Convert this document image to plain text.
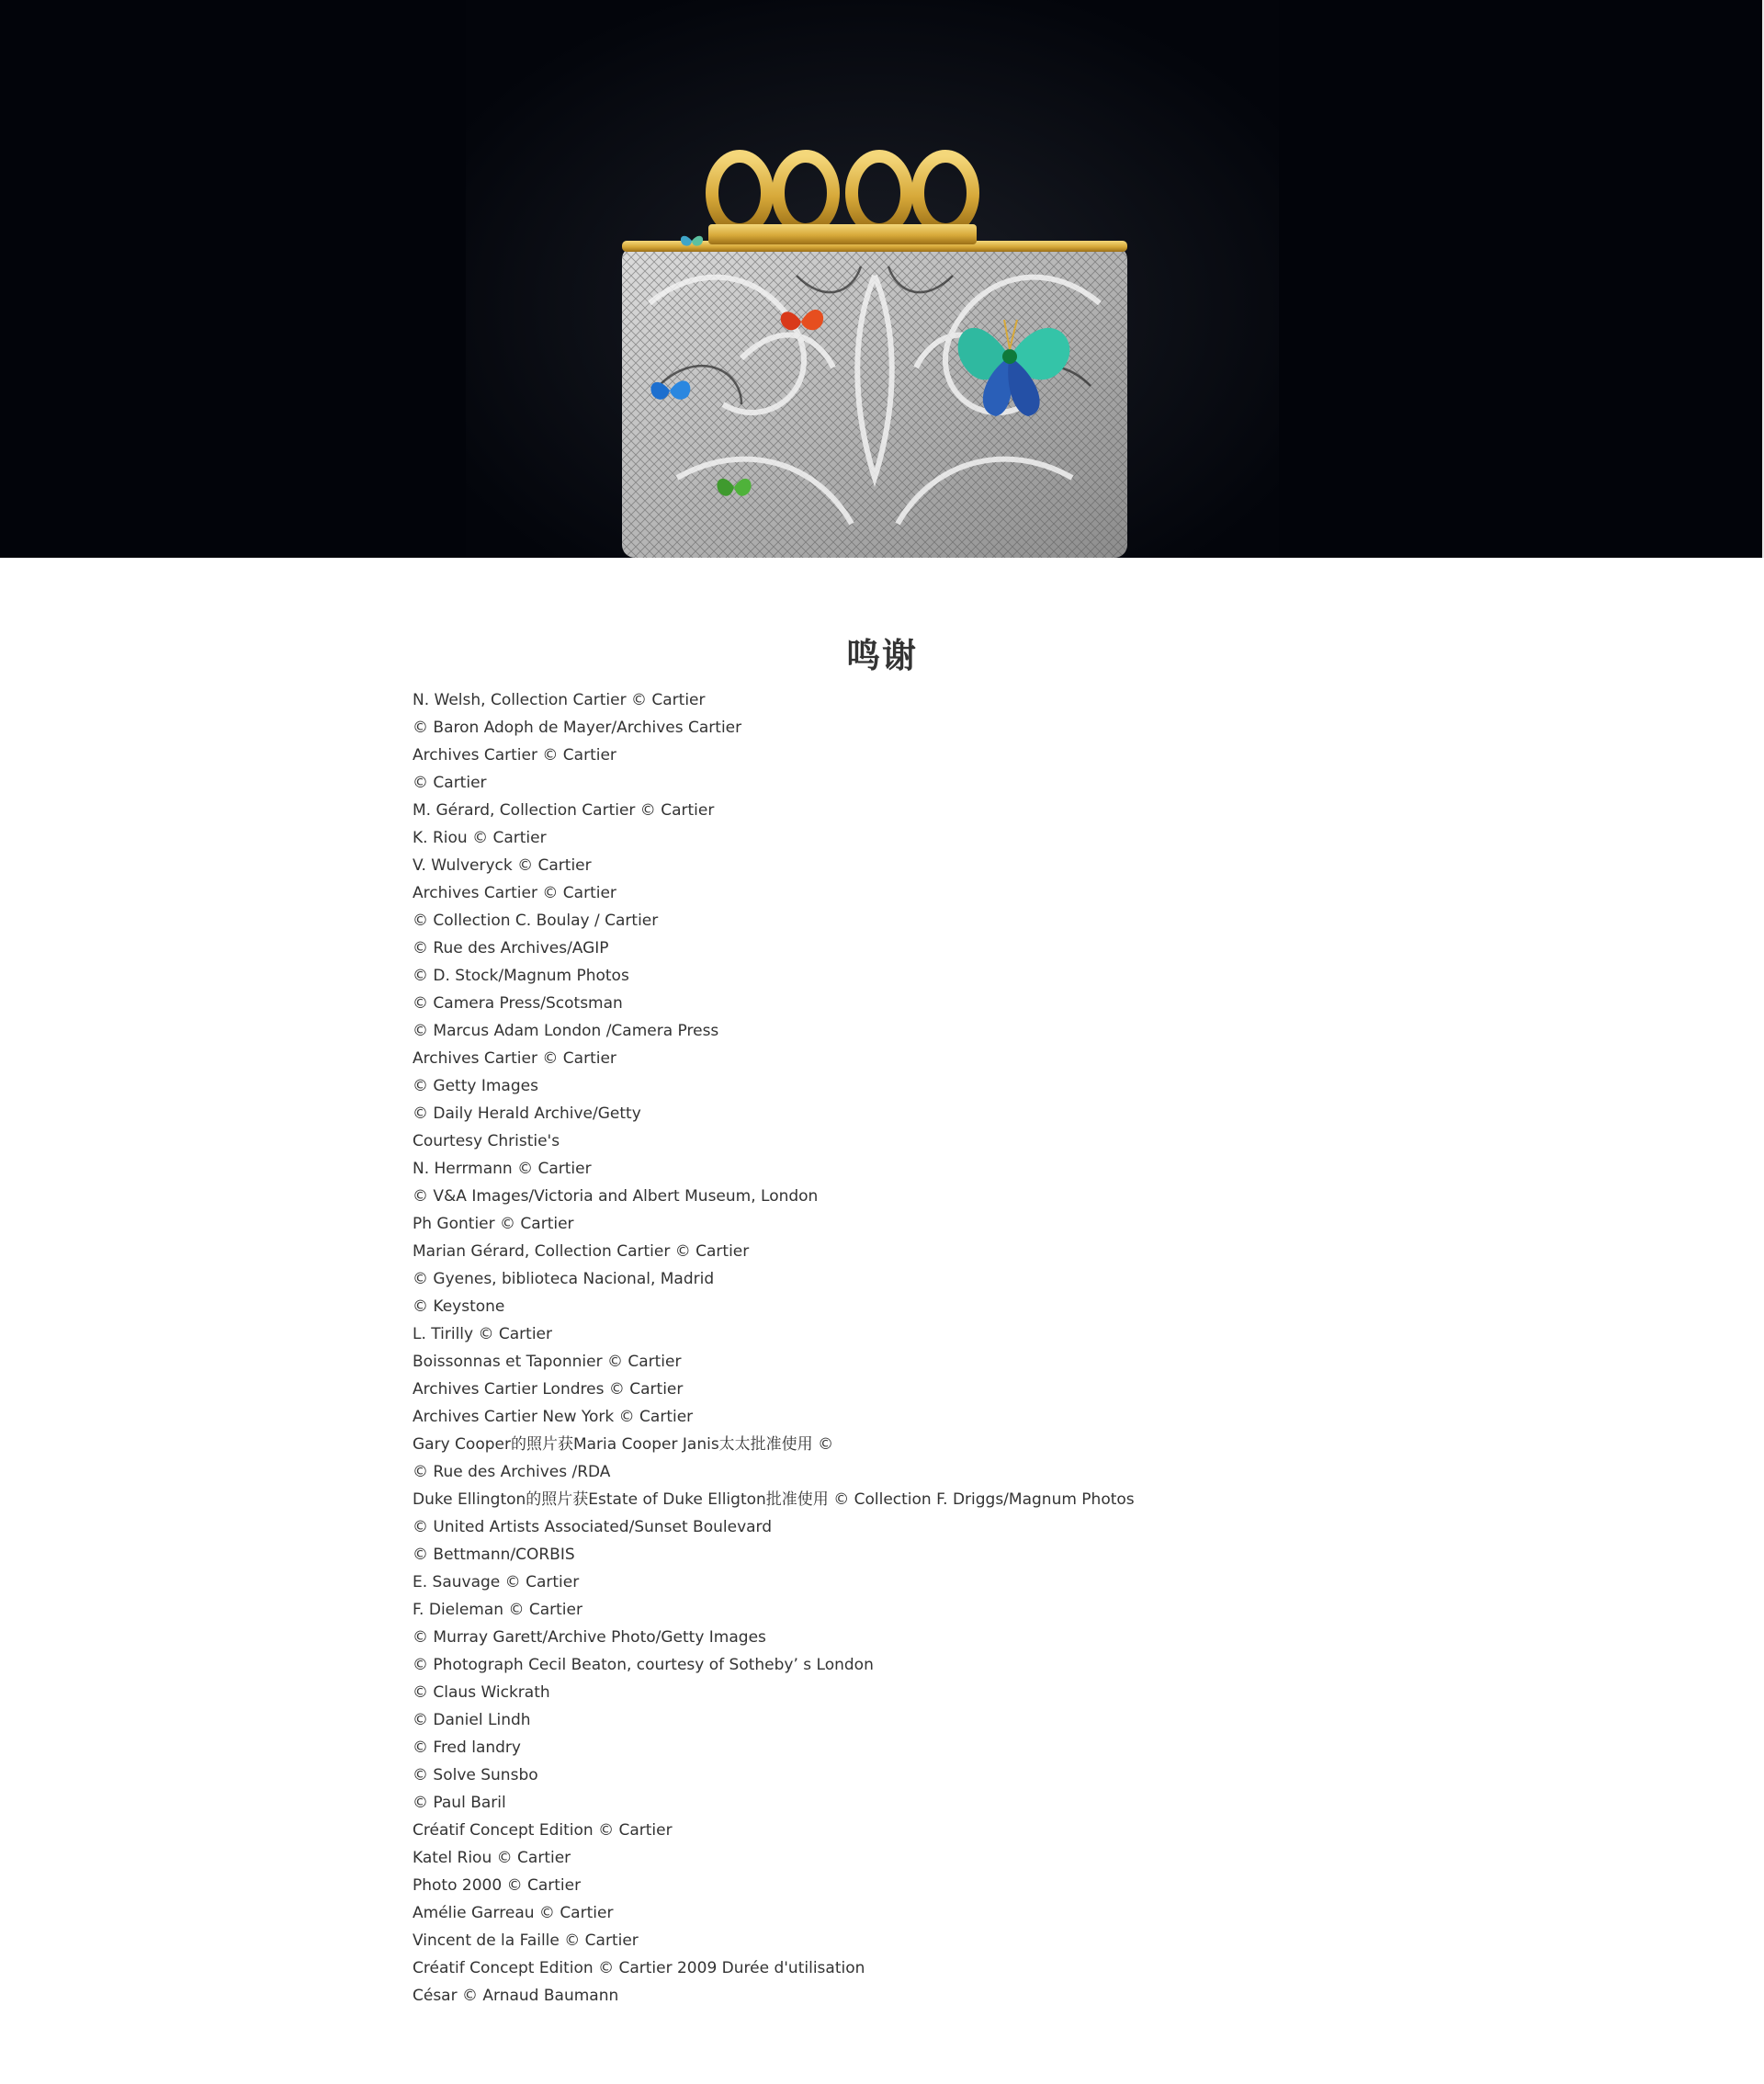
鸣谢
N. Welsh, Collection Cartier © Cartier
© Baron Adoph de Mayer/Archives Cartier
Archives Cartier © Cartier
© Cartier
M. Gérard, Collection Cartier © Cartier
K. Riou © Cartier
V. Wulveryck © Cartier
Archives Cartier © Cartier
© Collection C. Boulay / Cartier
© Rue des Archives/AGIP
© D. Stock/Magnum Photos
© Camera Press/Scotsman
© Marcus Adam London /Camera Press
Archives Cartier © Cartier
© Getty Images
© Daily Herald Archive/Getty
Courtesy Christie's
N. Herrmann © Cartier
© V&A Images/Victoria and Albert Museum, London
Ph Gontier © Cartier
Marian Gérard, Collection Cartier © Cartier
© Gyenes, biblioteca Nacional, Madrid
© Keystone
L. Tirilly © Cartier
Boissonnas et Taponnier © Cartier
Archives Cartier Londres © Cartier
Archives Cartier New York © Cartier
Gary Cooper的照片获Maria Cooper Janis太太批准使用 ©
© Rue des Archives /RDA
Duke Ellington的照片获Estate of Duke Elligton批准使用 © Collection F. Driggs/Magnum Photos
© United Artists Associated/Sunset Boulevard
© Bettmann/CORBIS
E. Sauvage © Cartier
F. Dieleman © Cartier
© Murray Garett/Archive Photo/Getty Images
© Photograph Cecil Beaton, courtesy of Sotheby’ s London
© Claus Wickrath
© Daniel Lindh
© Fred landry
© Solve Sunsbo
© Paul Baril
Créatif Concept Edition © Cartier
Katel Riou © Cartier
Photo 2000 © Cartier
Amélie Garreau © Cartier
Vincent de la Faille © Cartier
Créatif Concept Edition © Cartier 2009 Durée d'utilisation
César © Arnaud Baumann
